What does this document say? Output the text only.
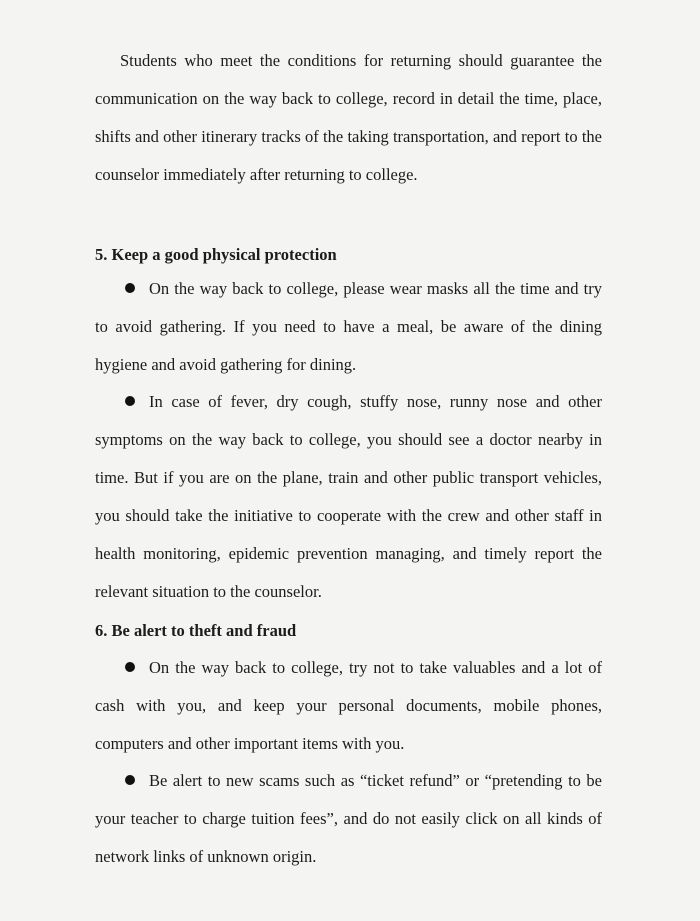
Students who meet the conditions for returning should guarantee the communication on the way back to college, record in detail the time, place, shifts and other itinerary tracks of the taking transportation, and report to the counselor immediately after returning to college.

5. Keep a good physical protection

On the way back to college, please wear masks all the time and try to avoid gathering. If you need to have a meal, be aware of the dining hygiene and avoid gathering for dining.

In case of fever, dry cough, stuffy nose, runny nose and other symptoms on the way back to college, you should see a doctor nearby in time. But if you are on the plane, train and other public transport vehicles, you should take the initiative to cooperate with the crew and other staff in health monitoring, epidemic prevention managing, and timely report the relevant situation to the counselor.

6. Be alert to theft and fraud

On the way back to college, try not to take valuables and a lot of cash with you, and keep your personal documents, mobile phones, computers and other important items with you.

Be alert to new scams such as “ticket refund” or “pretending to be your teacher to charge tuition fees”, and do not easily click on all kinds of network links of unknown origin.
